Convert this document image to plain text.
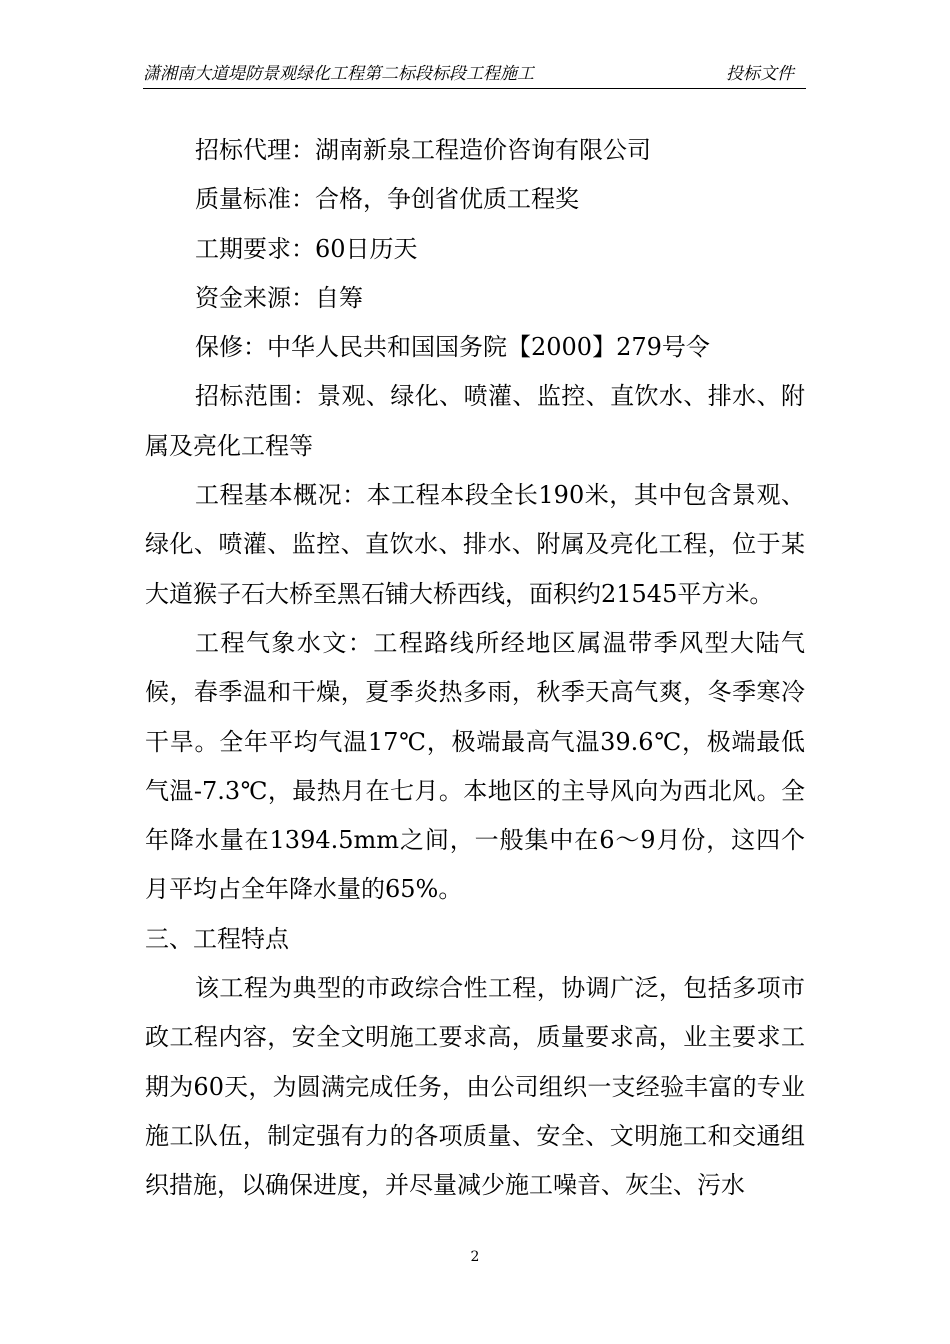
潇湘南大道堤防景观绿化工程第二标段标段工程施工	投标文件

招标代理：湖南新泉工程造价咨询有限公司

质量标准：合格，争创省优质工程奖

工期要求：60日历天

资金来源：自筹

保修：中华人民共和国国务院【2000】279号令

招标范围：景观、绿化、喷灌、监控、直饮水、排水、附属及亮化工程等

工程基本概况：本工程本段全长190米，其中包含景观、绿化、喷灌、监控、直饮水、排水、附属及亮化工程，位于某大道猴子石大桥至黑石铺大桥西线，面积约21545平方米。

工程气象水文：工程路线所经地区属温带季风型大陆气候，春季温和干燥，夏季炎热多雨，秋季天高气爽，冬季寒冷干旱。全年平均气温17℃，极端最高气温39.6℃，极端最低气温-7.3℃，最热月在七月。本地区的主导风向为西北风。全年降水量在1394.5mm之间，一般集中在6～9月份，这四个月平均占全年降水量的65%。

三、工程特点

该工程为典型的市政综合性工程，协调广泛，包括多项市政工程内容，安全文明施工要求高，质量要求高，业主要求工期为60天，为圆满完成任务，由公司组织一支经验丰富的专业施工队伍，制定强有力的各项质量、安全、文明施工和交通组织措施，以确保进度，并尽量减少施工噪音、灰尘、污水

2
